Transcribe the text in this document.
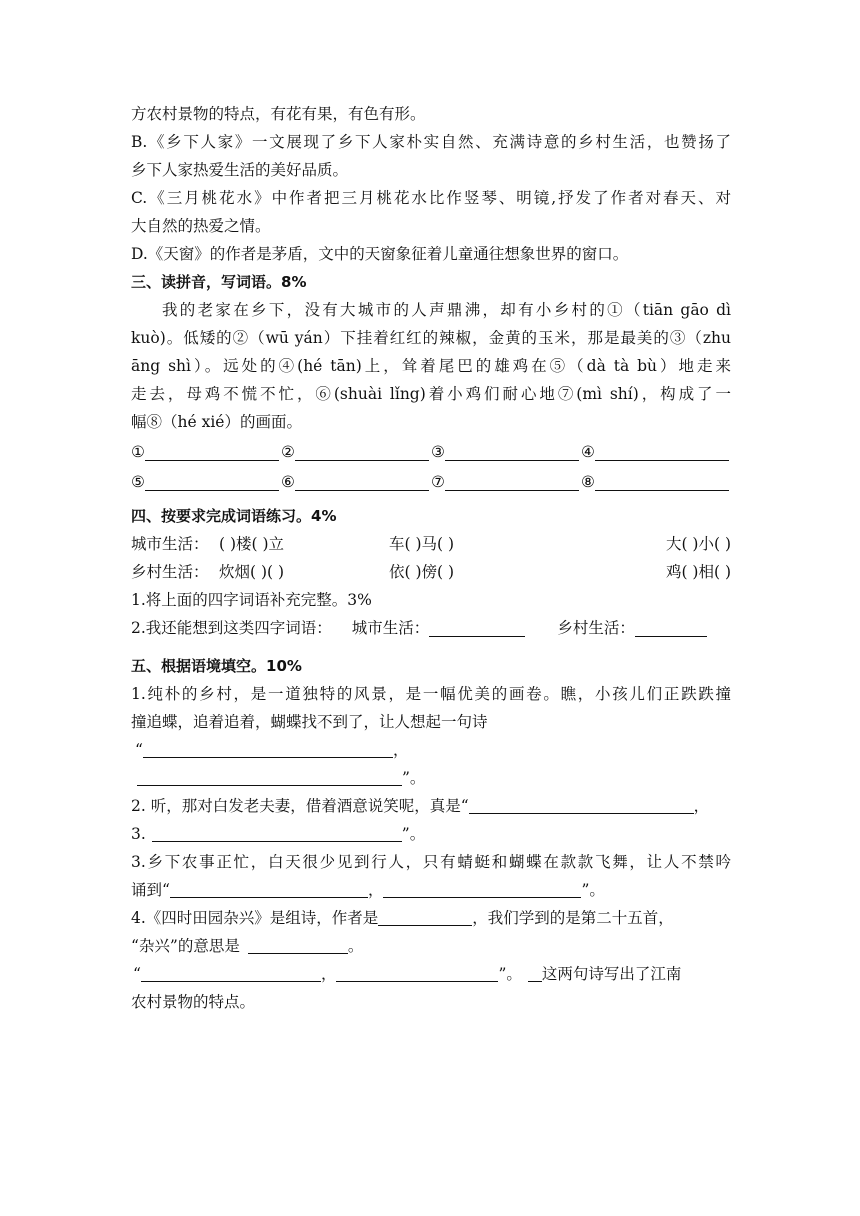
方农村景物的特点，有花有果，有色有形。
B.《乡下人家》一文展现了乡下人家朴实自然、充满诗意的乡村生活，也赞扬了
乡下人家热爱生活的美好品质。
C.《三月桃花水》中作者把三月桃花水比作竖琴、明镜,抒发了作者对春天、对
大自然的热爱之情。
D.《天窗》的作者是茅盾，文中的天窗象征着儿童通往想象世界的窗口。
三、读拼音，写词语。8%
我的老家在乡下，没有大城市的人声鼎沸，却有小乡村的①（tiān gāo dì
kuò)。低矮的②（wū yán）下挂着红红的辣椒，金黄的玉米，那是最美的③（zhu
āng shì）。远处的④(hé tān)上，耸着尾巴的雄鸡在⑤（dà tà bù）地走来
走去，母鸡不慌不忙，⑥(shuài lǐng)着小鸡们耐心地⑦(mì shí)，构成了一
幅⑧（hé xié）的画面。
①	②	③	④
⑤	⑥	⑦	⑧
四、按要求完成词语练习。4%
城市生活： ( )楼( )立	车( )马( )	大( )小( )
乡村生活： 炊烟( )( )	依( )傍( )	鸡( )相( )
1.将上面的四字词语补充完整。3%
2.我还能想到这类四字词语： 城市生活：	乡村生活：
五、根据语境填空。10%
1.纯朴的乡村，是一道独特的风景，是一幅优美的画卷。瞧，小孩儿们正跌跌撞
撞追蝶，追着追着，蝴蝶找不到了，让人想起一句诗
“	，
”。
2. 听，那对白发老夫妻，借着酒意说笑呢，真是“	，
3.	”。
3.乡下农事正忙，白天很少见到行人，只有蜻蜓和蝴蝶在款款飞舞，让人不禁吟
诵到“	，	”。
4.《四时田园杂兴》是组诗，作者是	，我们学到的是第二十五首，
“杂兴”的意思是	。
“	，	”。 这两句诗写出了江南
农村景物的特点。
